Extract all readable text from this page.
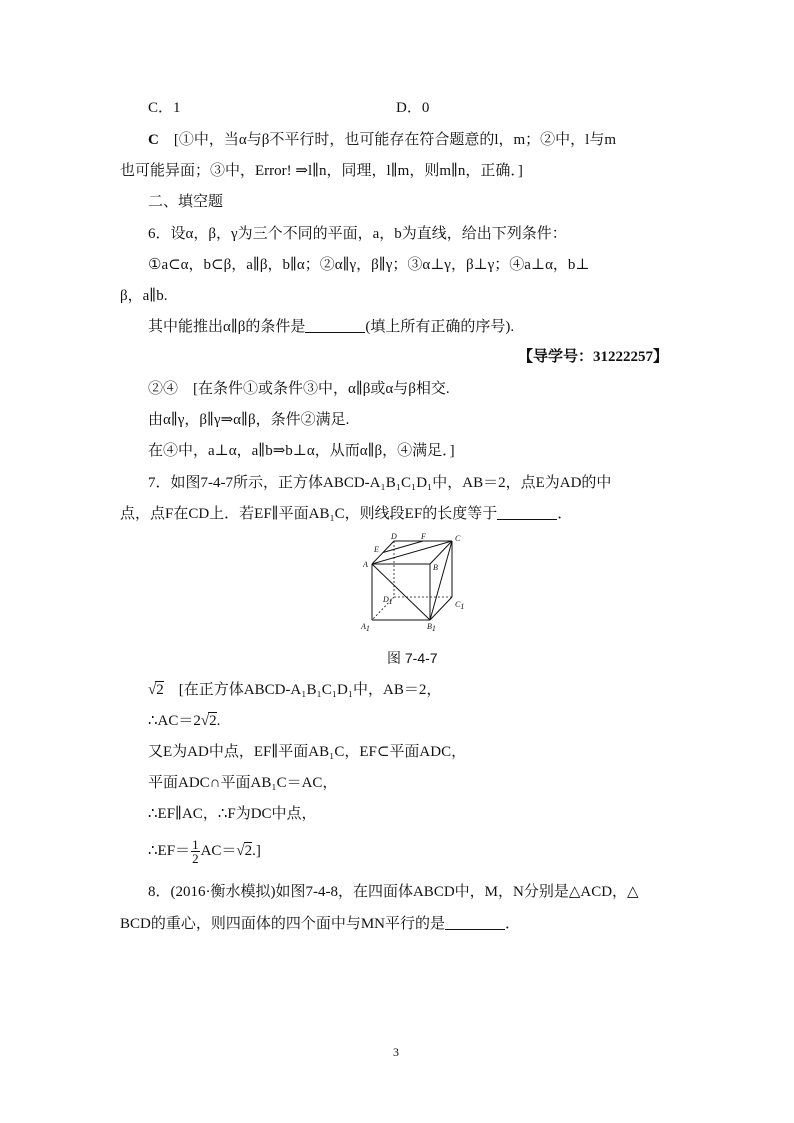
C．1	D．0
C　 [①中，当α与β不平行时，也可能存在符合题意的l，m；②中，l与m
也可能异面；③中，Error! ⇒l∥n，同理，l∥m，则m∥n，正确．]
二、填空题
6．设α，β，γ为三个不同的平面，a，b为直线，给出下列条件：
①a⊂α，b⊂β，a∥β，b∥α；②α∥γ，β∥γ；③α⊥γ，β⊥γ；④a⊥α，b⊥
β，a∥b.
其中能推出α∥β的条件是	(填上所有正确的序号).
【导学号：31222257】
②④　[在条件①或条件③中，α∥β或α与β相交.
由α∥γ，β∥γ⇒α∥β，条件②满足.
在④中，a⊥α，a∥b⇒b⊥α，从而α∥β，④满足．]
7．如图7-4-7所示，正方体ABCD-A₁B₁C₁D₁中，AB＝2，点E为AD的中
点，点F在CD上．若EF∥平面AB₁C，则线段EF的长度等于	．
E
D	F	C
A	B
D1	C1
A1	B1
图 7-4-7
√2　 [在正方体ABCD-A₁B₁C₁D₁中，AB＝2，
∴AC＝2√2.
又E为AD中点，EF∥平面AB₁C，EF⊂平面ADC，
平面ADC∩平面AB₁C＝AC，
∴EF∥AC，∴F为DC中点，
∴EF＝ $\frac{1}{2} AC=√2$.]
8．(2016·衡水模拟)如图7-4-8，在四面体ABCD中，M，N分别是△ACD，△
BCD的重心，则四面体的四个面中与MN平行的是	．
3
